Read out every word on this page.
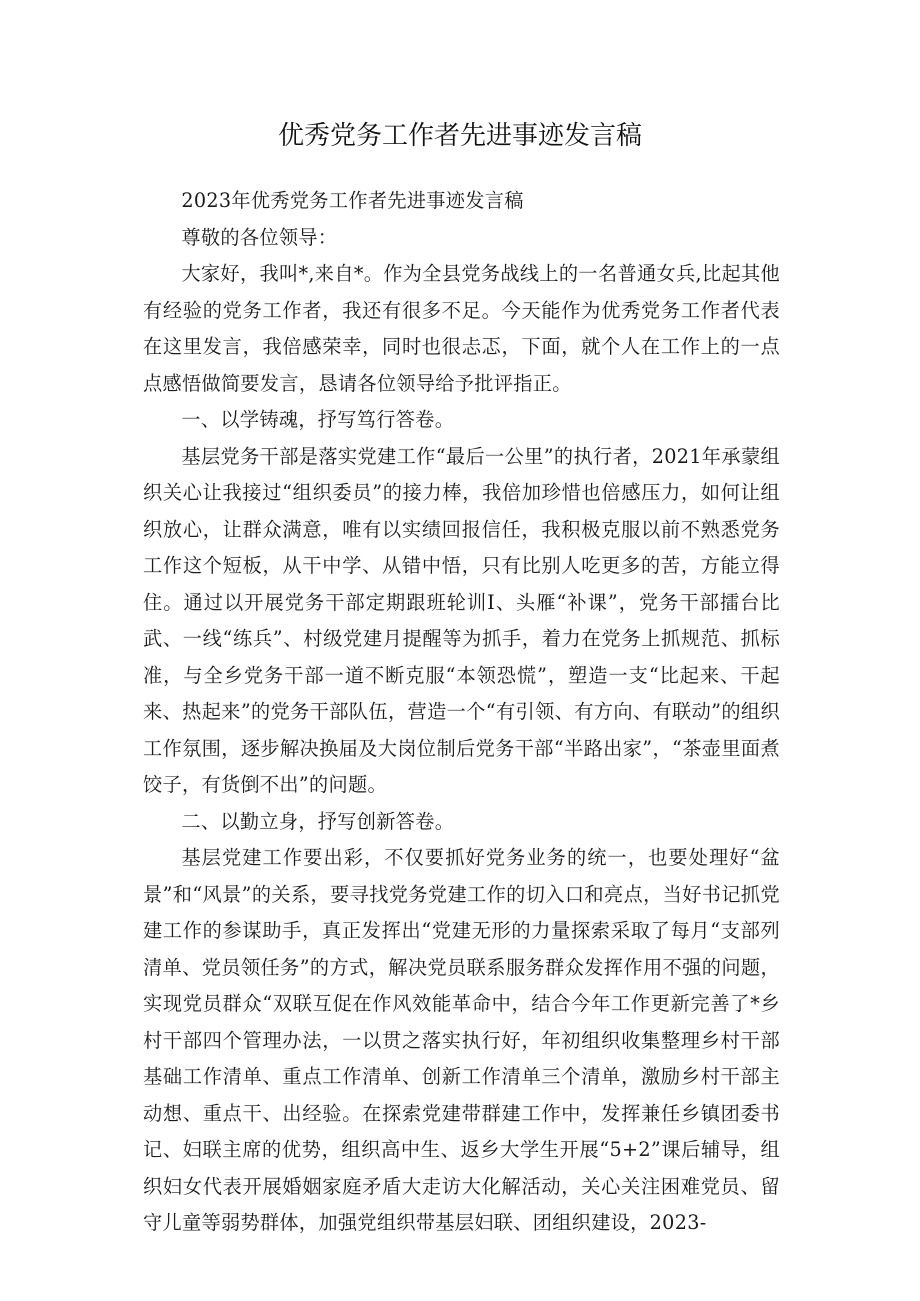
优秀党务工作者先进事迹发言稿

2023年优秀党务工作者先进事迹发言稿

尊敬的各位领导：

大家好，我叫*,来自*。作为全县党务战线上的一名普通女兵,比起其他有经验的党务工作者，我还有很多不足。今天能作为优秀党务工作者代表在这里发言，我倍感荣幸，同时也很忐忑，下面，就个人在工作上的一点点感悟做简要发言，恳请各位领导给予批评指正。

一、以学铸魂，抒写笃行答卷。

基层党务干部是落实党建工作“最后一公里”的执行者，2021年承蒙组织关心让我接过“组织委员”的接力棒，我倍加珍惜也倍感压力，如何让组织放心，让群众满意，唯有以实绩回报信任，我积极克服以前不熟悉党务工作这个短板，从干中学、从错中悟，只有比别人吃更多的苦，方能立得住。通过以开展党务干部定期跟班轮训Ⅰ、头雁“补课”，党务干部擂台比武、一线“练兵”、村级党建月提醒等为抓手，着力在党务上抓规范、抓标准，与全乡党务干部一道不断克服“本领恐慌”，塑造一支“比起来、干起来、热起来”的党务干部队伍，营造一个“有引领、有方向、有联动”的组织工作氛围，逐步解决换届及大岗位制后党务干部“半路出家”，“茶壶里面煮饺子，有货倒不出”的问题。

二、以勤立身，抒写创新答卷。

基层党建工作要出彩，不仅要抓好党务业务的统一，也要处理好“盆景”和“风景”的关系，要寻找党务党建工作的切入口和亮点，当好书记抓党建工作的参谋助手，真正发挥出“党建无形的力量探索采取了每月“支部列清单、党员领任务”的方式，解决党员联系服务群众发挥作用不强的问题，实现党员群众“双联互促在作风效能革命中，结合今年工作更新完善了*乡村干部四个管理办法，一以贯之落实执行好，年初组织收集整理乡村干部基础工作清单、重点工作清单、创新工作清单三个清单，激励乡村干部主动想、重点干、出经验。在探索党建带群建工作中，发挥兼任乡镇团委书记、妇联主席的优势，组织高中生、返乡大学生开展“5+2”课后辅导，组织妇女代表开展婚姻家庭矛盾大走访大化解活动，关心关注困难党员、留守儿童等弱势群体，加强党组织带基层妇联、团组织建设，2023-
